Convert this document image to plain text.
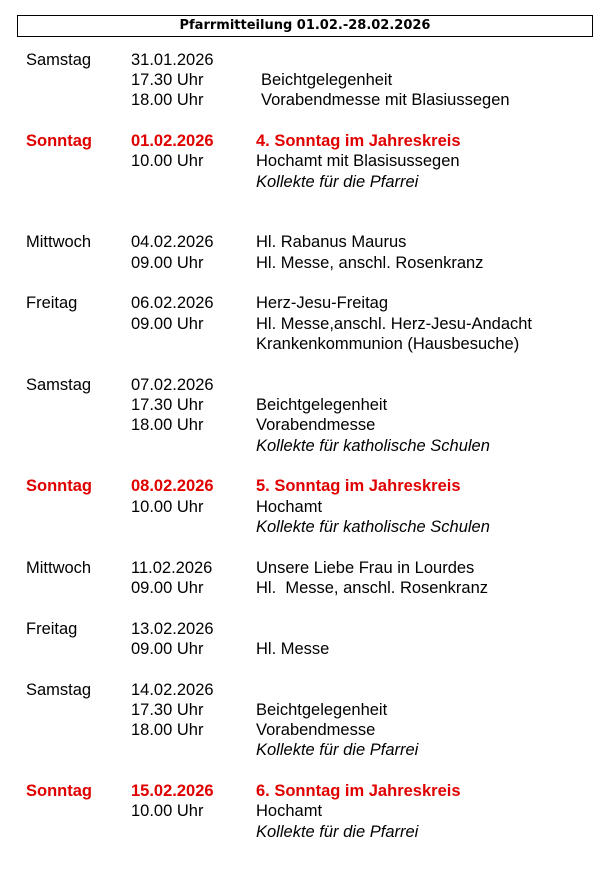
Pfarrmitteilung 01.02.-28.02.2026
Samstag 31.01.2026
17.30 Uhr	Beichtgelegenheit
18.00 Uhr	Vorabendmesse mit Blasiussegen
Sonntag 01.02.2026	4. Sonntag im Jahreskreis
10.00 Uhr	Hochamt mit Blasisussegen
Kollekte für die Pfarrei
Mittwoch 04.02.2026	Hl. Rabanus Maurus
09.00 Uhr	Hl. Messe, anschl. Rosenkranz
Freitag	06.02.2026	Herz-Jesu-Freitag
09.00 Uhr	Hl. Messe,anschl. Herz-Jesu-Andacht
Krankenkommunion (Hausbesuche)
Samstag 07.02.2026
17.30 Uhr	Beichtgelegenheit
18.00 Uhr	Vorabendmesse
Kollekte für katholische Schulen
Sonntag 08.02.2026	5. Sonntag im Jahreskreis
10.00 Uhr	Hochamt
Kollekte für katholische Schulen
Mittwoch 11.02.2026	Unsere Liebe Frau in Lourdes
09.00 Uhr	Hl.  Messe, anschl. Rosenkranz
Freitag	13.02.2026
09.00 Uhr	Hl. Messe
Samstag 14.02.2026
17.30 Uhr	Beichtgelegenheit
18.00 Uhr	Vorabendmesse
Kollekte für die Pfarrei
Sonntag 15.02.2026	6. Sonntag im Jahreskreis
10.00 Uhr	Hochamt
Kollekte für die Pfarrei
